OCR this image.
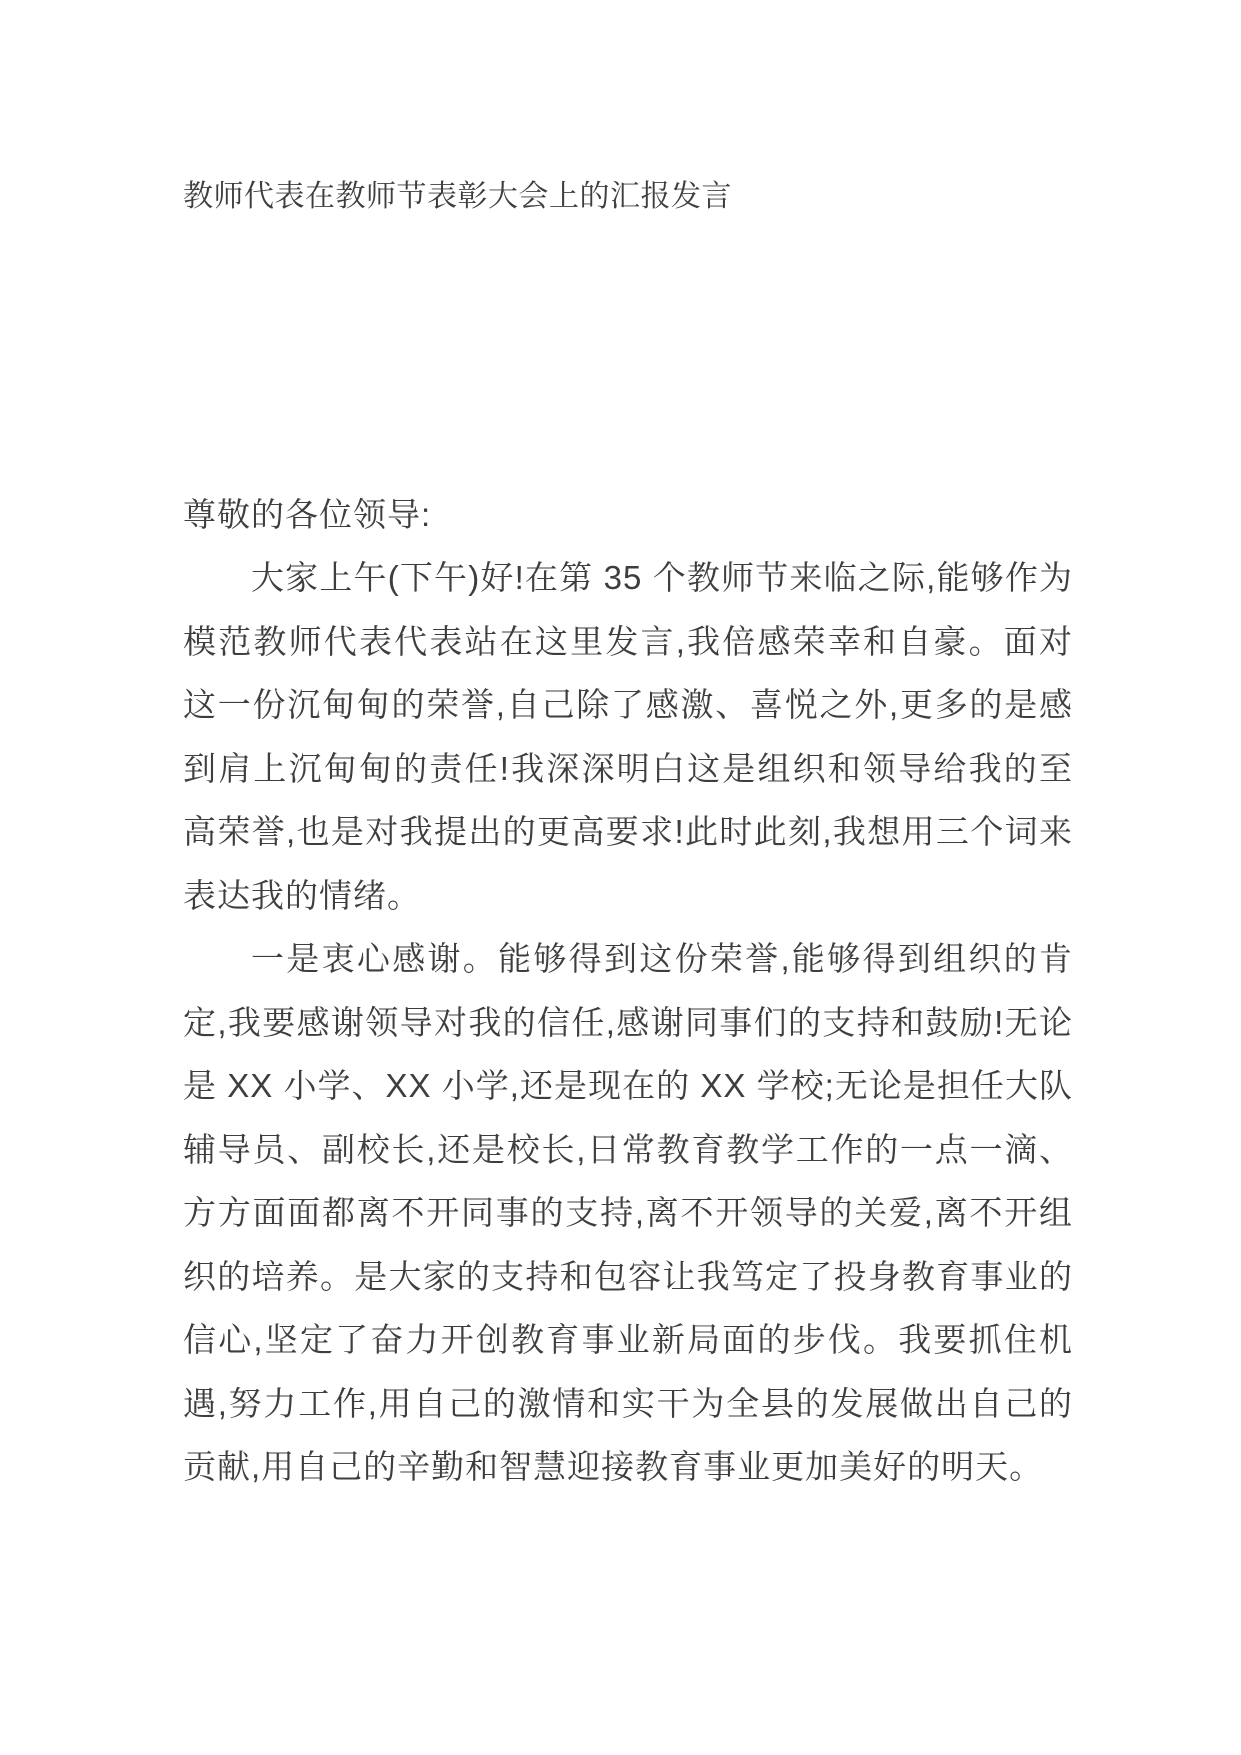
教师代表在教师节表彰大会上的汇报发言

尊敬的各位领导:

大家上午(下午)好!在第 35 个教师节来临之际,能够作为模范教师代表代表站在这里发言,我倍感荣幸和自豪。面对这一份沉甸甸的荣誉,自己除了感激、喜悦之外,更多的是感到肩上沉甸甸的责任!我深深明白这是组织和领导给我的至高荣誉,也是对我提出的更高要求!此时此刻,我想用三个词来表达我的情绪。

一是衷心感谢。能够得到这份荣誉,能够得到组织的肯定,我要感谢领导对我的信任,感谢同事们的支持和鼓励!无论是 XX 小学、XX 小学,还是现在的 XX 学校;无论是担任大队辅导员、副校长,还是校长,日常教育教学工作的一点一滴、方方面面都离不开同事的支持,离不开领导的关爱,离不开组织的培养。是大家的支持和包容让我笃定了投身教育事业的信心,坚定了奋力开创教育事业新局面的步伐。我要抓住机遇,努力工作,用自己的激情和实干为全县的发展做出自己的贡献,用自己的辛勤和智慧迎接教育事业更加美好的明天。
